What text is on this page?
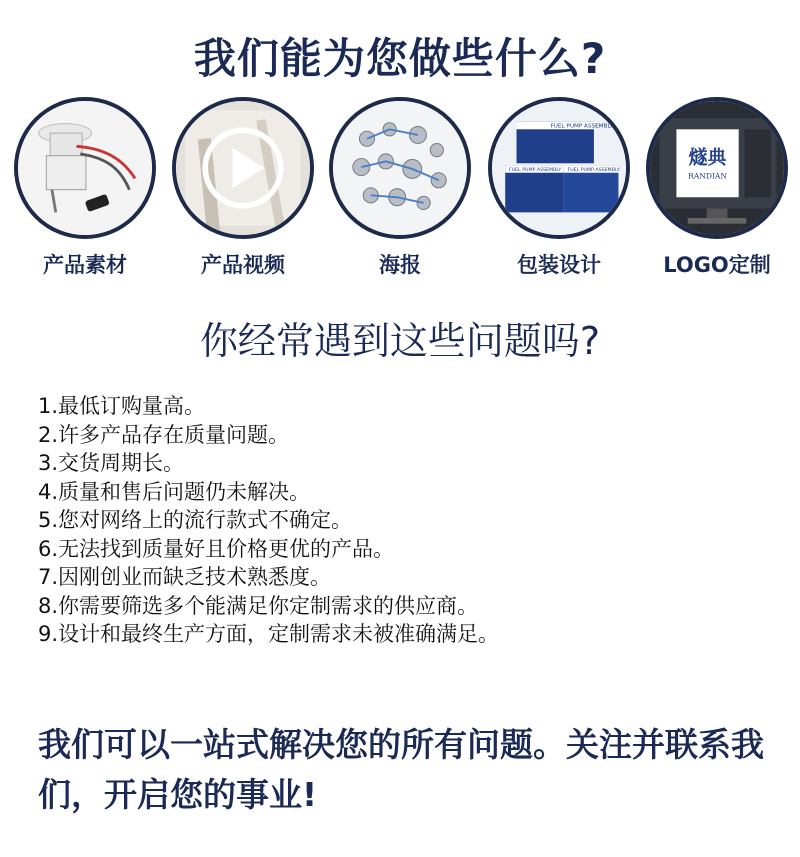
我们能为您做些什么?
产品素材	产品视频	海报
FUEL PUMP ASSEMBLY
FUEL PUMP ASSEMBLY FUEL PUMP ASSEMBLY
包装设计
燧典
RANDIAN
LOGO定制
你经常遇到这些问题吗?
1.最低订购量高。
2.许多产品存在质量问题。
3.交货周期长。
4.质量和售后问题仍未解决。
5.您对网络上的流行款式不确定。
6.无法找到质量好且价格更优的产品。
7.因刚创业而缺乏技术熟悉度。
8.你需要筛选多个能满足你定制需求的供应商。
9.设计和最终生产方面，定制需求未被准确满足。
我们可以一站式解决您的所有问题。关注并联系我们，开启您的事业!
